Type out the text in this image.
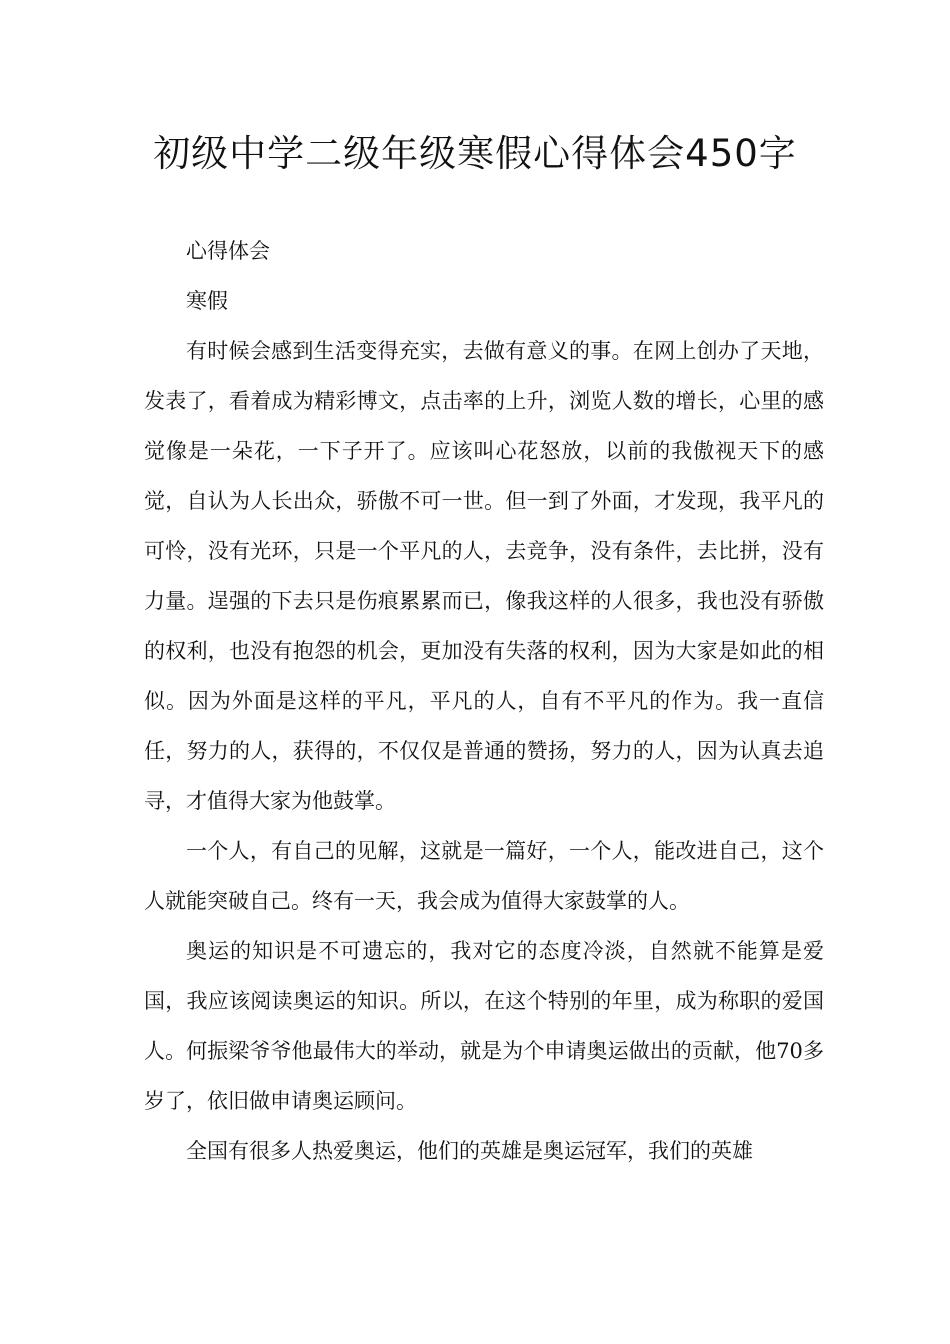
初级中学二级年级寒假心得体会450字

心得体会

寒假

有时候会感到生活变得充实，去做有意义的事。在网上创办了天地，发表了，看着成为精彩博文，点击率的上升，浏览人数的增长，心里的感觉像是一朵花，一下子开了。应该叫心花怒放，以前的我傲视天下的感觉，自认为人长出众，骄傲不可一世。但一到了外面，才发现，我平凡的可怜，没有光环，只是一个平凡的人，去竞争，没有条件，去比拼，没有力量。逞强的下去只是伤痕累累而已，像我这样的人很多，我也没有骄傲的权利，也没有抱怨的机会，更加没有失落的权利，因为大家是如此的相似。因为外面是这样的平凡，平凡的人，自有不平凡的作为。我一直信任，努力的人，获得的，不仅仅是普通的赞扬，努力的人，因为认真去追寻，才值得大家为他鼓掌。

一个人，有自己的见解，这就是一篇好，一个人，能改进自己，这个人就能突破自己。终有一天，我会成为值得大家鼓掌的人。

奥运的知识是不可遗忘的，我对它的态度冷淡，自然就不能算是爱国，我应该阅读奥运的知识。所以，在这个特别的年里，成为称职的爱国人。何振梁爷爷他最伟大的举动，就是为个申请奥运做出的贡献，他70多岁了，依旧做申请奥运顾问。

全国有很多人热爱奥运，他们的英雄是奥运冠军，我们的英雄
